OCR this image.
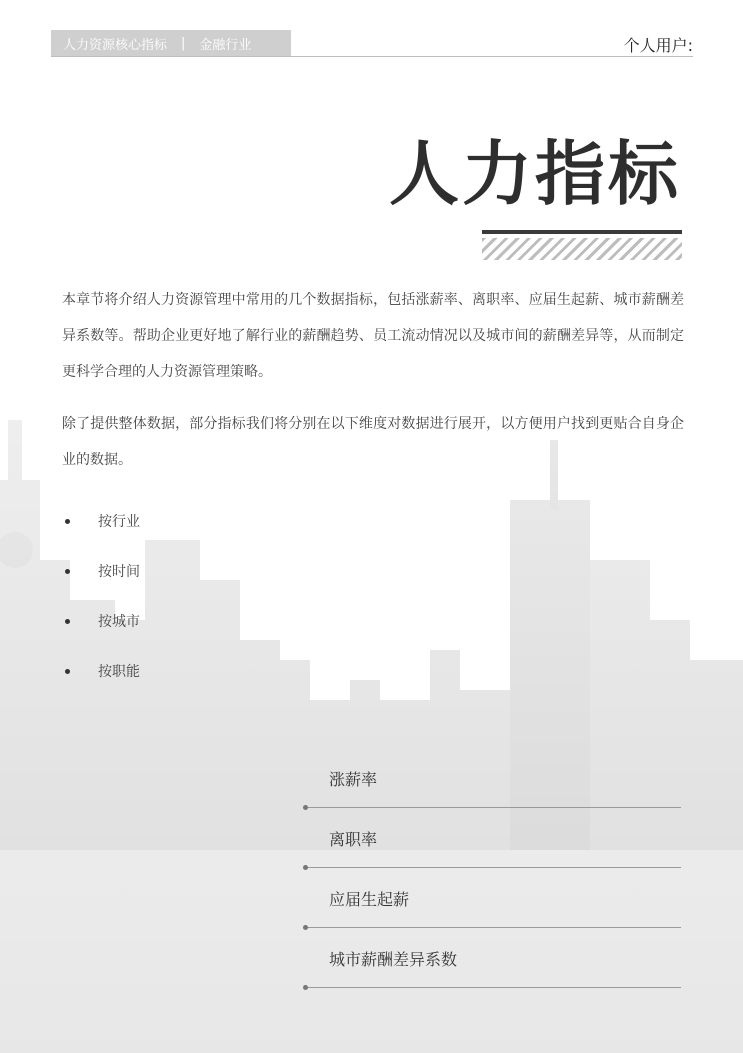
人力资源核心指标 | 金融行业	个人用户:
人力指标

本章节将介绍人力资源管理中常用的几个数据指标，包括涨薪率、离职率、应届生起薪、城市薪酬差异系数等。帮助企业更好地了解行业的薪酬趋势、员工流动情况以及城市间的薪酬差异等，从而制定更科学合理的人力资源管理策略。

除了提供整体数据，部分指标我们将分别在以下维度对数据进行展开，以方便用户找到更贴合自身企业的数据。

按行业
按时间
按城市
按职能
涨薪率
离职率
应届生起薪
城市薪酬差异系数
